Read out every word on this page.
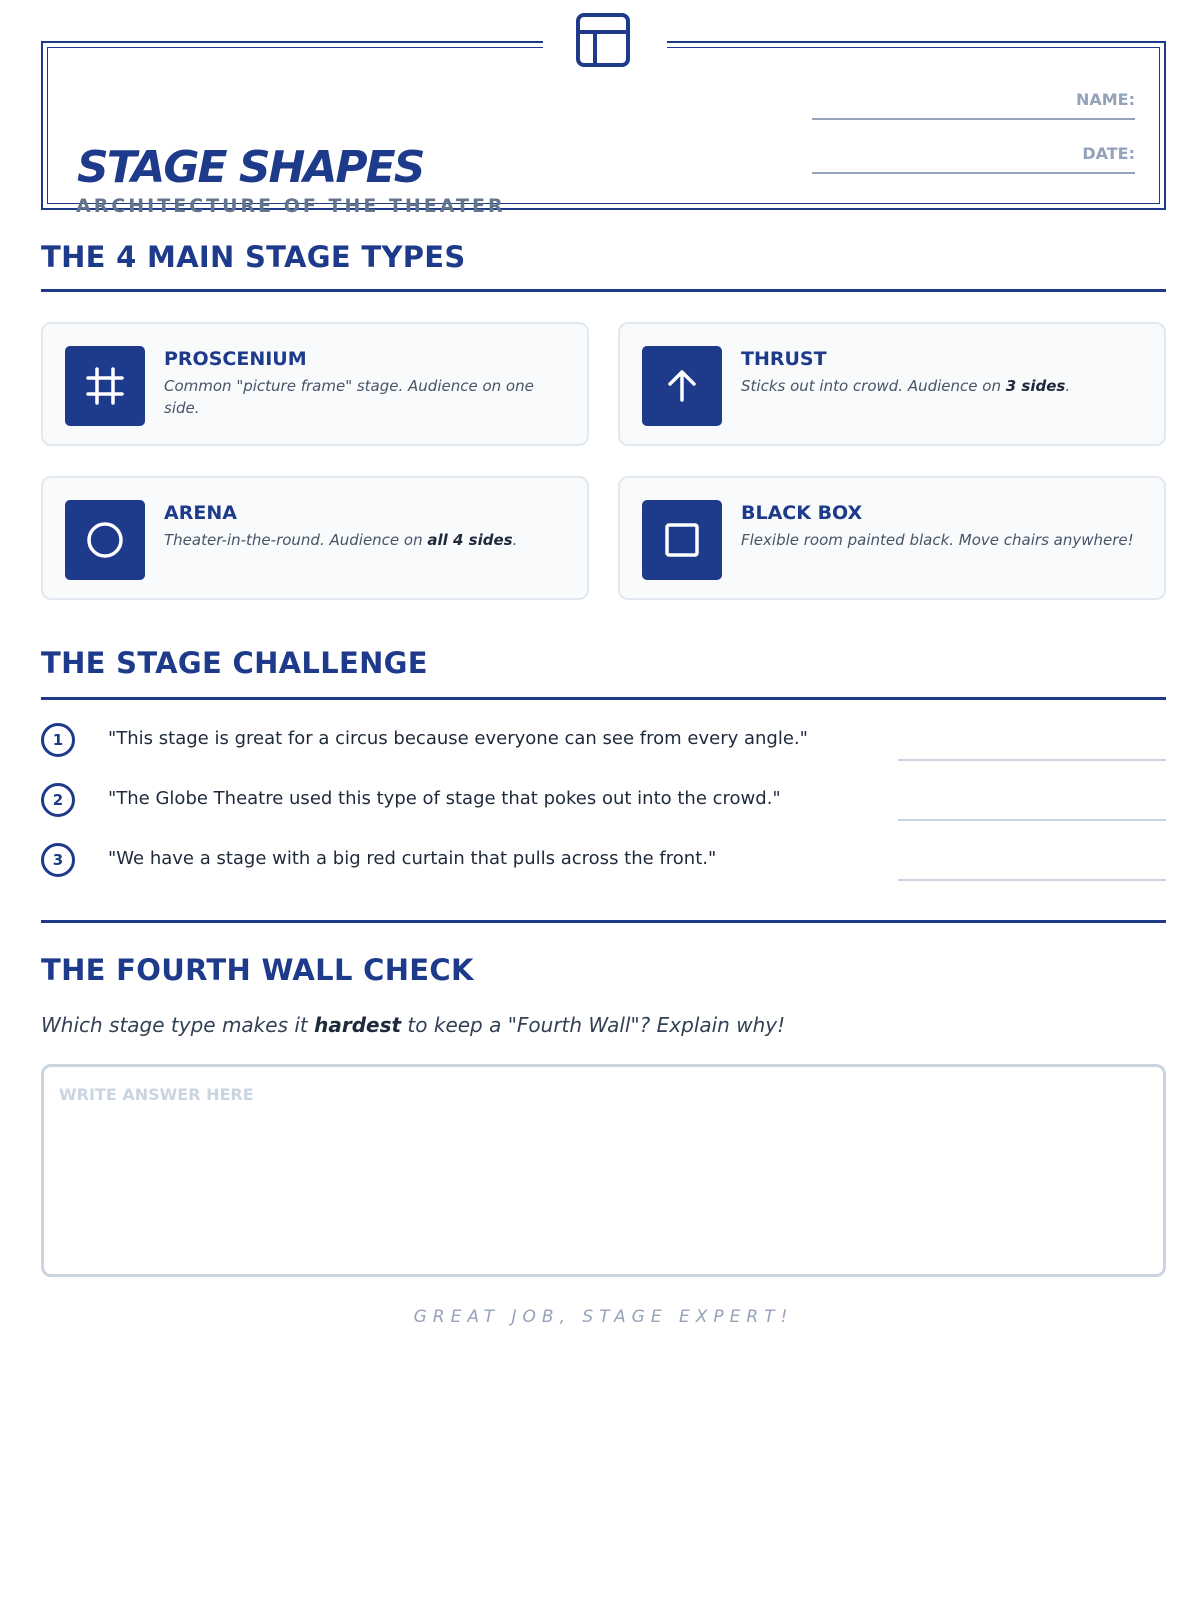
STAGE SHAPES
ARCHITECTURE OF THE THEATER
NAME:
DATE:
THE 4 MAIN STAGE TYPES
PROSCENIUM
Common "picture frame" stage. Audience on one side.
THRUST
Sticks out into crowd. Audience on 3 sides.
ARENA
Theater-in-the-round. Audience on all 4 sides.
BLACK BOX
Flexible room painted black. Move chairs anywhere!
THE STAGE CHALLENGE
1	"This stage is great for a circus because everyone can see from every angle."
2	"The Globe Theatre used this type of stage that pokes out into the crowd."
3	"We have a stage with a big red curtain that pulls across the front."
THE FOURTH WALL CHECK
Which stage type makes it hardest to keep a "Fourth Wall"? Explain why!
WRITE ANSWER HERE
GREAT JOB, STAGE EXPERT!
